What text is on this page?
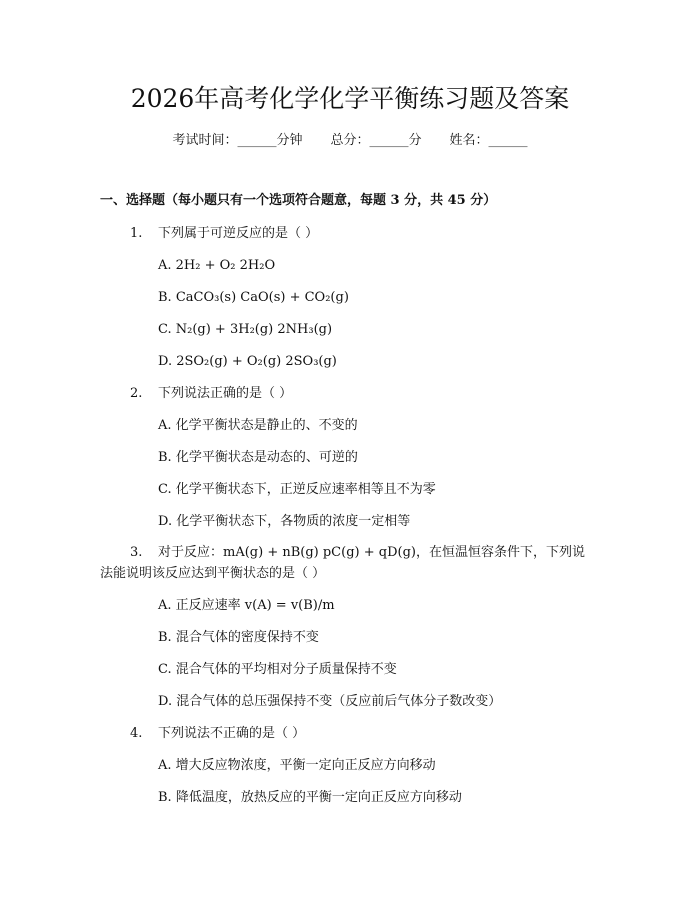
2026年高考化学化学平衡练习题及答案
考试时间：______分钟 总分：______分 姓名：______
一、选择题（每小题只有一个选项符合题意，每题 3 分，共 45 分）
1. 下列属于可逆反应的是（ ）
A. 2H₂ + O₂ 2H₂O
B. CaCO₃(s) CaO(s) + CO₂(g)
C. N₂(g) + 3H₂(g) 2NH₃(g)
D. 2SO₂(g) + O₂(g) 2SO₃(g)
2. 下列说法正确的是（ ）
A. 化学平衡状态是静止的、不变的
B. 化学平衡状态是动态的、可逆的
C. 化学平衡状态下，正逆反应速率相等且不为零
D. 化学平衡状态下，各物质的浓度一定相等
3. 对于反应：mA(g) + nB(g) pC(g) + qD(g)，在恒温恒容条件下，下列说
法能说明该反应达到平衡状态的是（ ）
A. 正反应速率 v(A) = v(B)/m
B. 混合气体的密度保持不变
C. 混合气体的平均相对分子质量保持不变
D. 混合气体的总压强保持不变（反应前后气体分子数改变）
4. 下列说法不正确的是（ ）
A. 增大反应物浓度，平衡一定向正反应方向移动
B. 降低温度，放热反应的平衡一定向正反应方向移动
